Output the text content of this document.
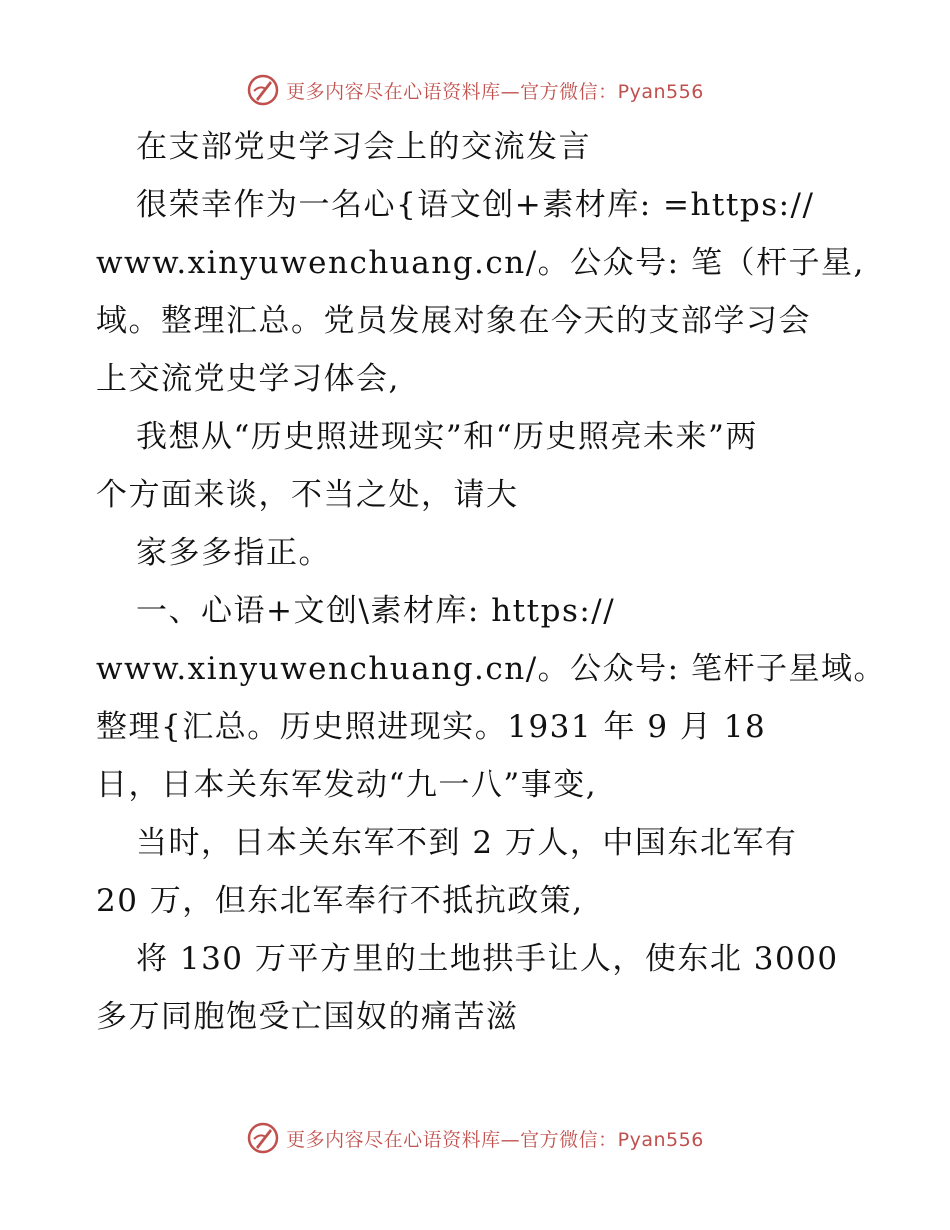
更多内容尽在心语资料库—官方微信：Pyan556
在支部党史学习会上的交流发言
很荣幸作为一名心{语文创+素材库: =https://
www.xinyuwenchuang.cn/。公众号: 笔（杆子星,
域。整理汇总。党员发展对象在今天的支部学习会
上交流党史学习体会,
我想从“历史照进现实”和“历史照亮未来”两
个方面来谈，不当之处，请大
家多多指正。
一、心语+文创\素材库: https://
www.xinyuwenchuang.cn/。公众号: 笔杆子星域。
整理{汇总。历史照进现实。1931 年 9 月 18
日，日本关东军发动“九一八”事变,
当时，日本关东军不到 2 万人，中国东北军有
20 万，但东北军奉行不抵抗政策,
将 130 万平方里的土地拱手让人，使东北 3000
多万同胞饱受亡国奴的痛苦滋
更多内容尽在心语资料库—官方微信：Pyan556
